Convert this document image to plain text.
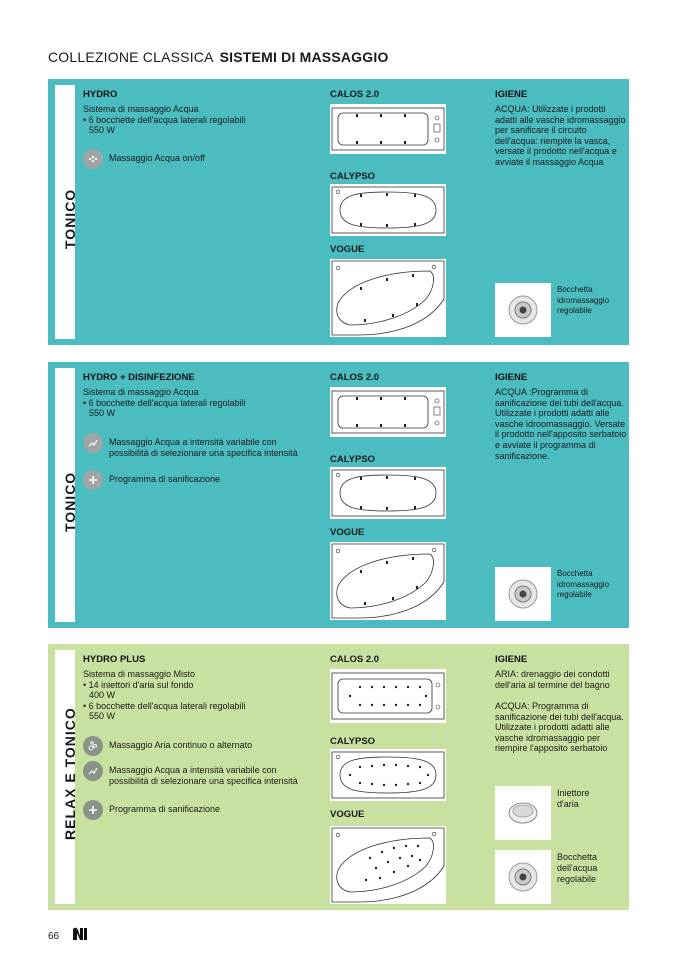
COLLEZIONE CLASSICA SISTEMI DI MASSAGGIO
TONICO
HYDRO
Sistema di massaggio Acqua
• 6 bocchette dell'acqua laterali regolabili
550 W
Massaggio Acqua on/off
CALOS 2.0
CALYPSO
VOGUE
IGIENE
ACQUA: Utilizzate i prodotti adatti alle vasche idromassaggio per sanificare il circuito dell'acqua: riempite la vasca, versate il prodotto nell'acqua e avviate il massaggio Acqua
Bocchetta idromassaggio regolabile
TONICO
HYDRO + DISINFEZIONE
Sistema di massaggio Acqua
• 6 bocchette dell'acqua laterali regolabili
550 W
Massaggio Acqua a intensità variabile con possibilità di selezionare una specifica intensità
Programma di sanificazione
CALOS 2.0
CALYPSO
VOGUE
IGIENE
ACQUA :Programma di sanificazione dei tubi dell'acqua. Utilizzate i prodotti adatti alle vasche idroomassaggio. Versate il prodotto nell'apposito serbatoio e avviate il programma di sanificazione.
Bocchetta idromassaggio regolabile
RELAX E TONICO
HYDRO PLUS
Sistema di massaggio Misto
• 14 iniettori d'aria sul fondo
400 W
• 6 bocchette dell'acqua laterali regolabili
550 W
Massaggio Aria continuo o alternato
Massaggio Acqua a intensità variabile con possibilità di selezionare una specifica intensità
Programma di sanificazione
CALOS 2.0
CALYPSO
VOGUE
IGIENE
ARIA: drenaggio dei condotti dell'aria al termine del bagno
ACQUA: Programma di sanificazione dei tubi dell'acqua. Utilizzate i prodotti adatti alle vasche idromassaggio per riempire l'apposito serbatoio
Iniettore d'aria
Bocchetta dell'acqua regolabile
66
